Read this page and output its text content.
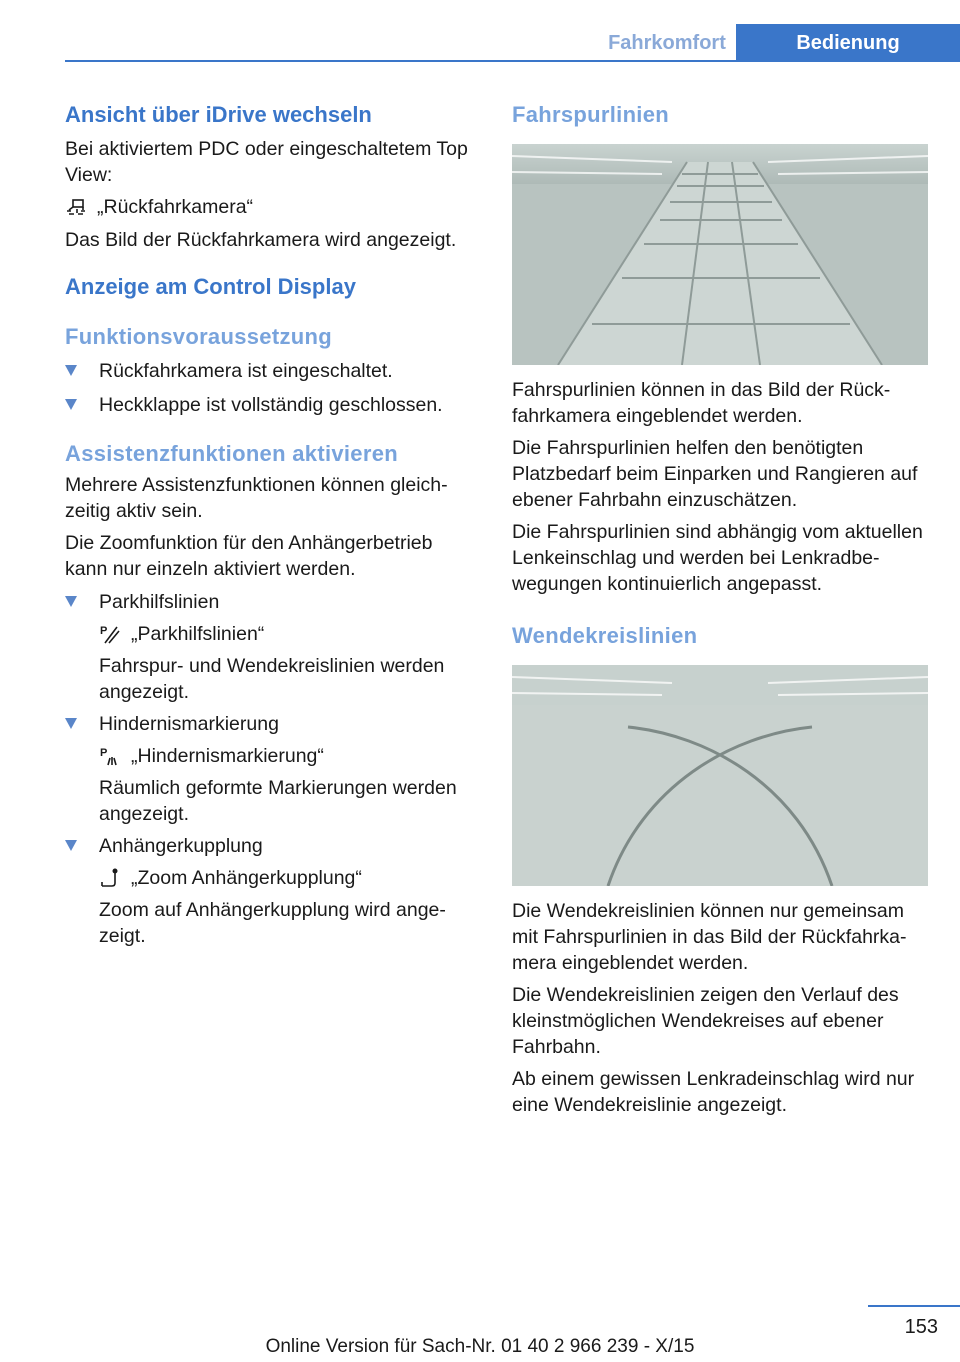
Fahrkomfort	Bedienung
Ansicht über iDrive wechseln

Bei aktiviertem PDC oder eingeschaltetem Top View:

„Rückfahrkamera“

Das Bild der Rückfahrkamera wird angezeigt.

Anzeige am Control Display
Funktionsvoraussetzung
Rückfahrkamera ist eingeschaltet.
Heckklappe ist vollständig geschlossen.
Assistenzfunktionen aktivieren

Mehrere Assistenzfunktionen können gleichzeitig aktiv sein.

Die Zoomfunktion für den Anhängerbetrieb kann nur einzeln aktiviert werden.

Parkhilfslinien
P „Parkhilfslinien“
Fahrspur- und Wendekreislinien werden angezeigt.
Hindernismarkierung
P „Hindernismarkierung“
Räumlich geformte Markierungen werden angezeigt.
Anhängerkupplung
„Zoom Anhängerkupplung“
Zoom auf Anhängerkupplung wird angezeigt.
Fahrspurlinien

Fahrspurlinien können in das Bild der Rückfahrkamera eingeblendet werden.

Die Fahrspurlinien helfen den benötigten Platzbedarf beim Einparken und Rangieren auf ebener Fahrbahn einzuschätzen.

Die Fahrspurlinien sind abhängig vom aktuellen Lenkeinschlag und werden bei Lenkradbewegungen kontinuierlich angepasst.

Wendekreislinien

Die Wendekreislinien können nur gemeinsam mit Fahrspurlinien in das Bild der Rückfahrkamera eingeblendet werden.

Die Wendekreislinien zeigen den Verlauf des kleinstmöglichen Wendekreises auf ebener Fahrbahn.

Ab einem gewissen Lenkradeinschlag wird nur eine Wendekreislinie angezeigt.

153
Online Version für Sach-Nr. 01 40 2 966 239 - X/15
